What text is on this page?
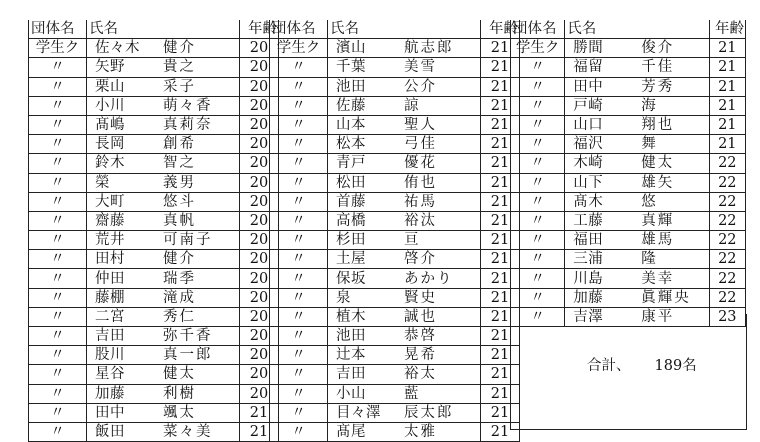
団体名	氏名	年齢
学生ク	佐々木 健介	20
〃	矢野 貴之	20
〃	栗山 采子	20
〃	小川 萌々香	20
〃	髙嶋 真莉奈	20
〃	長岡 創希	20
〃	鈴木 智之	20
〃	榮 義男	20
〃	大町 悠斗	20
〃	齋藤 真帆	20
〃	荒井 可南子	20
〃	田村 健介	20
〃	仲田 瑞季	20
〃	藤棚 滝成	20
〃	二宮 秀仁	20
〃	吉田 弥千香	20
〃	股川 真一郎	20
〃	星谷 健太	20
〃	加藤 利樹	20
〃	田中 颯太	21
〃	飯田 菜々美	21
団体名	氏名	年齢
学生ク	濱山 航志郎	21
〃	千葉 美雪	21
〃	池田 公介	21
〃	佐藤 諒	21
〃	山本 聖人	21
〃	松本 弓佳	21
〃	青戸 優花	21
〃	松田 侑也	21
〃	首藤 祐馬	21
〃	高橋 裕汰	21
〃	杉田 亘	21
〃	土屋 啓介	21
〃	保坂 あかり	21
〃	泉 賢史	21
〃	植木 誠也	21
〃	池田 恭啓	21
〃	辻本 晃希	21
〃	吉田 裕太	21
〃	小山 藍	21
〃	目々澤 辰太郎	21
〃	髙尾 太雅	21
団体名	氏名	年齢
学生ク	勝間 俊介	21
〃	福留 千佳	21
〃	田中 芳秀	21
〃	戸崎 海	21
〃	山口 翔也	21
〃	福沢 舞	21
〃	木崎 健太	22
〃	山下 雄矢	22
〃	髙木 悠	22
〃	工藤 真輝	22
〃	福田 雄馬	22
〃	三浦 隆	22
〃	川島 美幸	22
〃	加藤 眞輝央	22
〃	吉澤 康平	23
合計、 189名
